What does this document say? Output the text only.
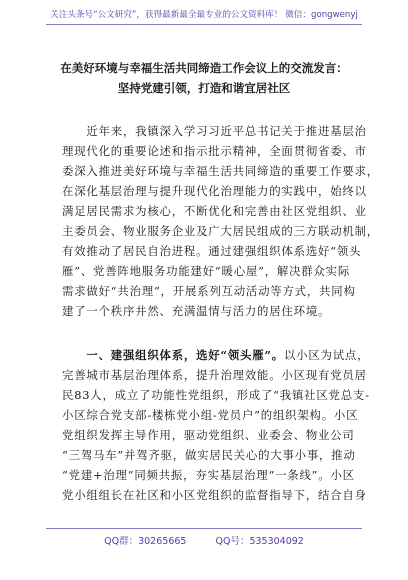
关注头条号“公文研究”，获得最新最全最专业的公文资料库！ 微信：gongwenyj
在美好环境与幸福生活共同缔造工作会议上的交流发言：
坚持党建引领，打造和谐宜居社区
　　近年来，我镇深入学习习近平总书记关于推进基层治
理现代化的重要论述和指示批示精神，全面贯彻省委、市
委深入推进美好环境与幸福生活共同缔造的重要工作要求，
在深化基层治理与提升现代化治理能力的实践中，始终以
满足居民需求为核心，不断优化和完善由社区党组织、业
主委员会、物业服务企业及广大居民组成的三方联动机制，
有效推动了居民自治进程。通过建强组织体系选好“领头
雁”、党善阵地服务功能建好“暖心屋”，解决群众实际
需求做好“共治理”，开展系列互动活动等方式，共同构
建了一个秩序井然、充满温情与活力的居住环境。
　　一、建强组织体系，选好“领头雁”。以小区为试点，
完善城市基层治理体系，提升治理效能。小区现有党员居
民83人，成立了功能性党组织，形成了“我镇社区党总支-
小区综合党支部-楼栋党小组-党员户”的组织架构。小区
党组织发挥主导作用，驱动党组织、业委会、物业公司
“三驾马车”并驾齐驱，做实居民关心的大事小事，推动
“党建+治理”同频共振，夯实基层治理“一条线”。小区
党小组组长在社区和小区党组织的监督指导下，结合自身
QQ群：30265665	QQ号：535304092
